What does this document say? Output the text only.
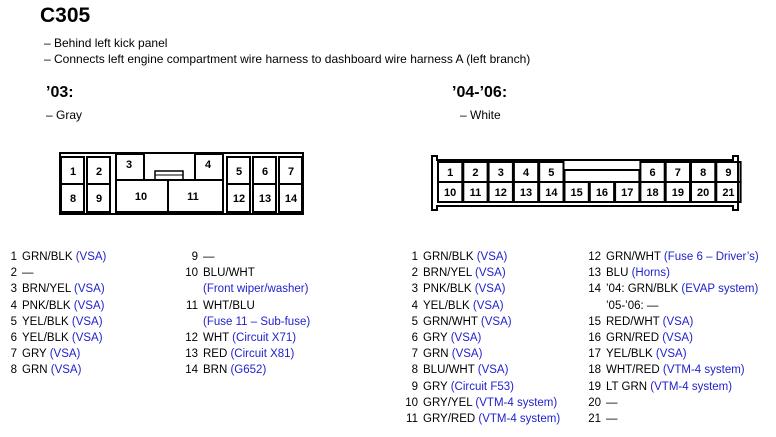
C305
– Behind left kick panel
– Connects left engine compartment wire harness to dashboard wire harness A (left branch)
’03:
– Gray
’04-’06:
– White
1 2
3	4
5 6 7
8 9	10	11	12 13 14
1 2 3 4	6 7 8 9
5
10 11 12 13 14 15 16 17 18 19 20 21
1 GRN/BLK (VSA)
2 —
3 BRN/YEL (VSA)
4 PNK/BLK (VSA)
5 YEL/BLK (VSA)
6 YEL/BLK (VSA)
7 GRY (VSA)
8 GRN (VSA)
9 —
10 BLU/WHT
(Front wiper/washer)
11 WHT/BLU
(Fuse 11 – Sub-fuse)
12 WHT (Circuit X71)
13 RED (Circuit X81)
14 BRN (G652)
1 GRN/BLK (VSA)
2 BRN/YEL (VSA)
3 PNK/BLK (VSA)
4 YEL/BLK (VSA)
5 GRN/WHT (VSA)
6 GRY (VSA)
7 GRN (VSA)
8 BLU/WHT (VSA)
9 GRY (Circuit F53)
10 GRY/YEL (VTM-4 system)
11 GRY/RED (VTM-4 system)
12 GRN/WHT (Fuse 6 – Driver’s)
13 BLU (Horns)
14 ’04: GRN/BLK (EVAP system)
’05-’06: —
15 RED/WHT (VSA)
16 GRN/RED (VSA)
17 YEL/BLK (VSA)
18 WHT/RED (VTM-4 system)
19 LT GRN (VTM-4 system)
20 —
21 —
